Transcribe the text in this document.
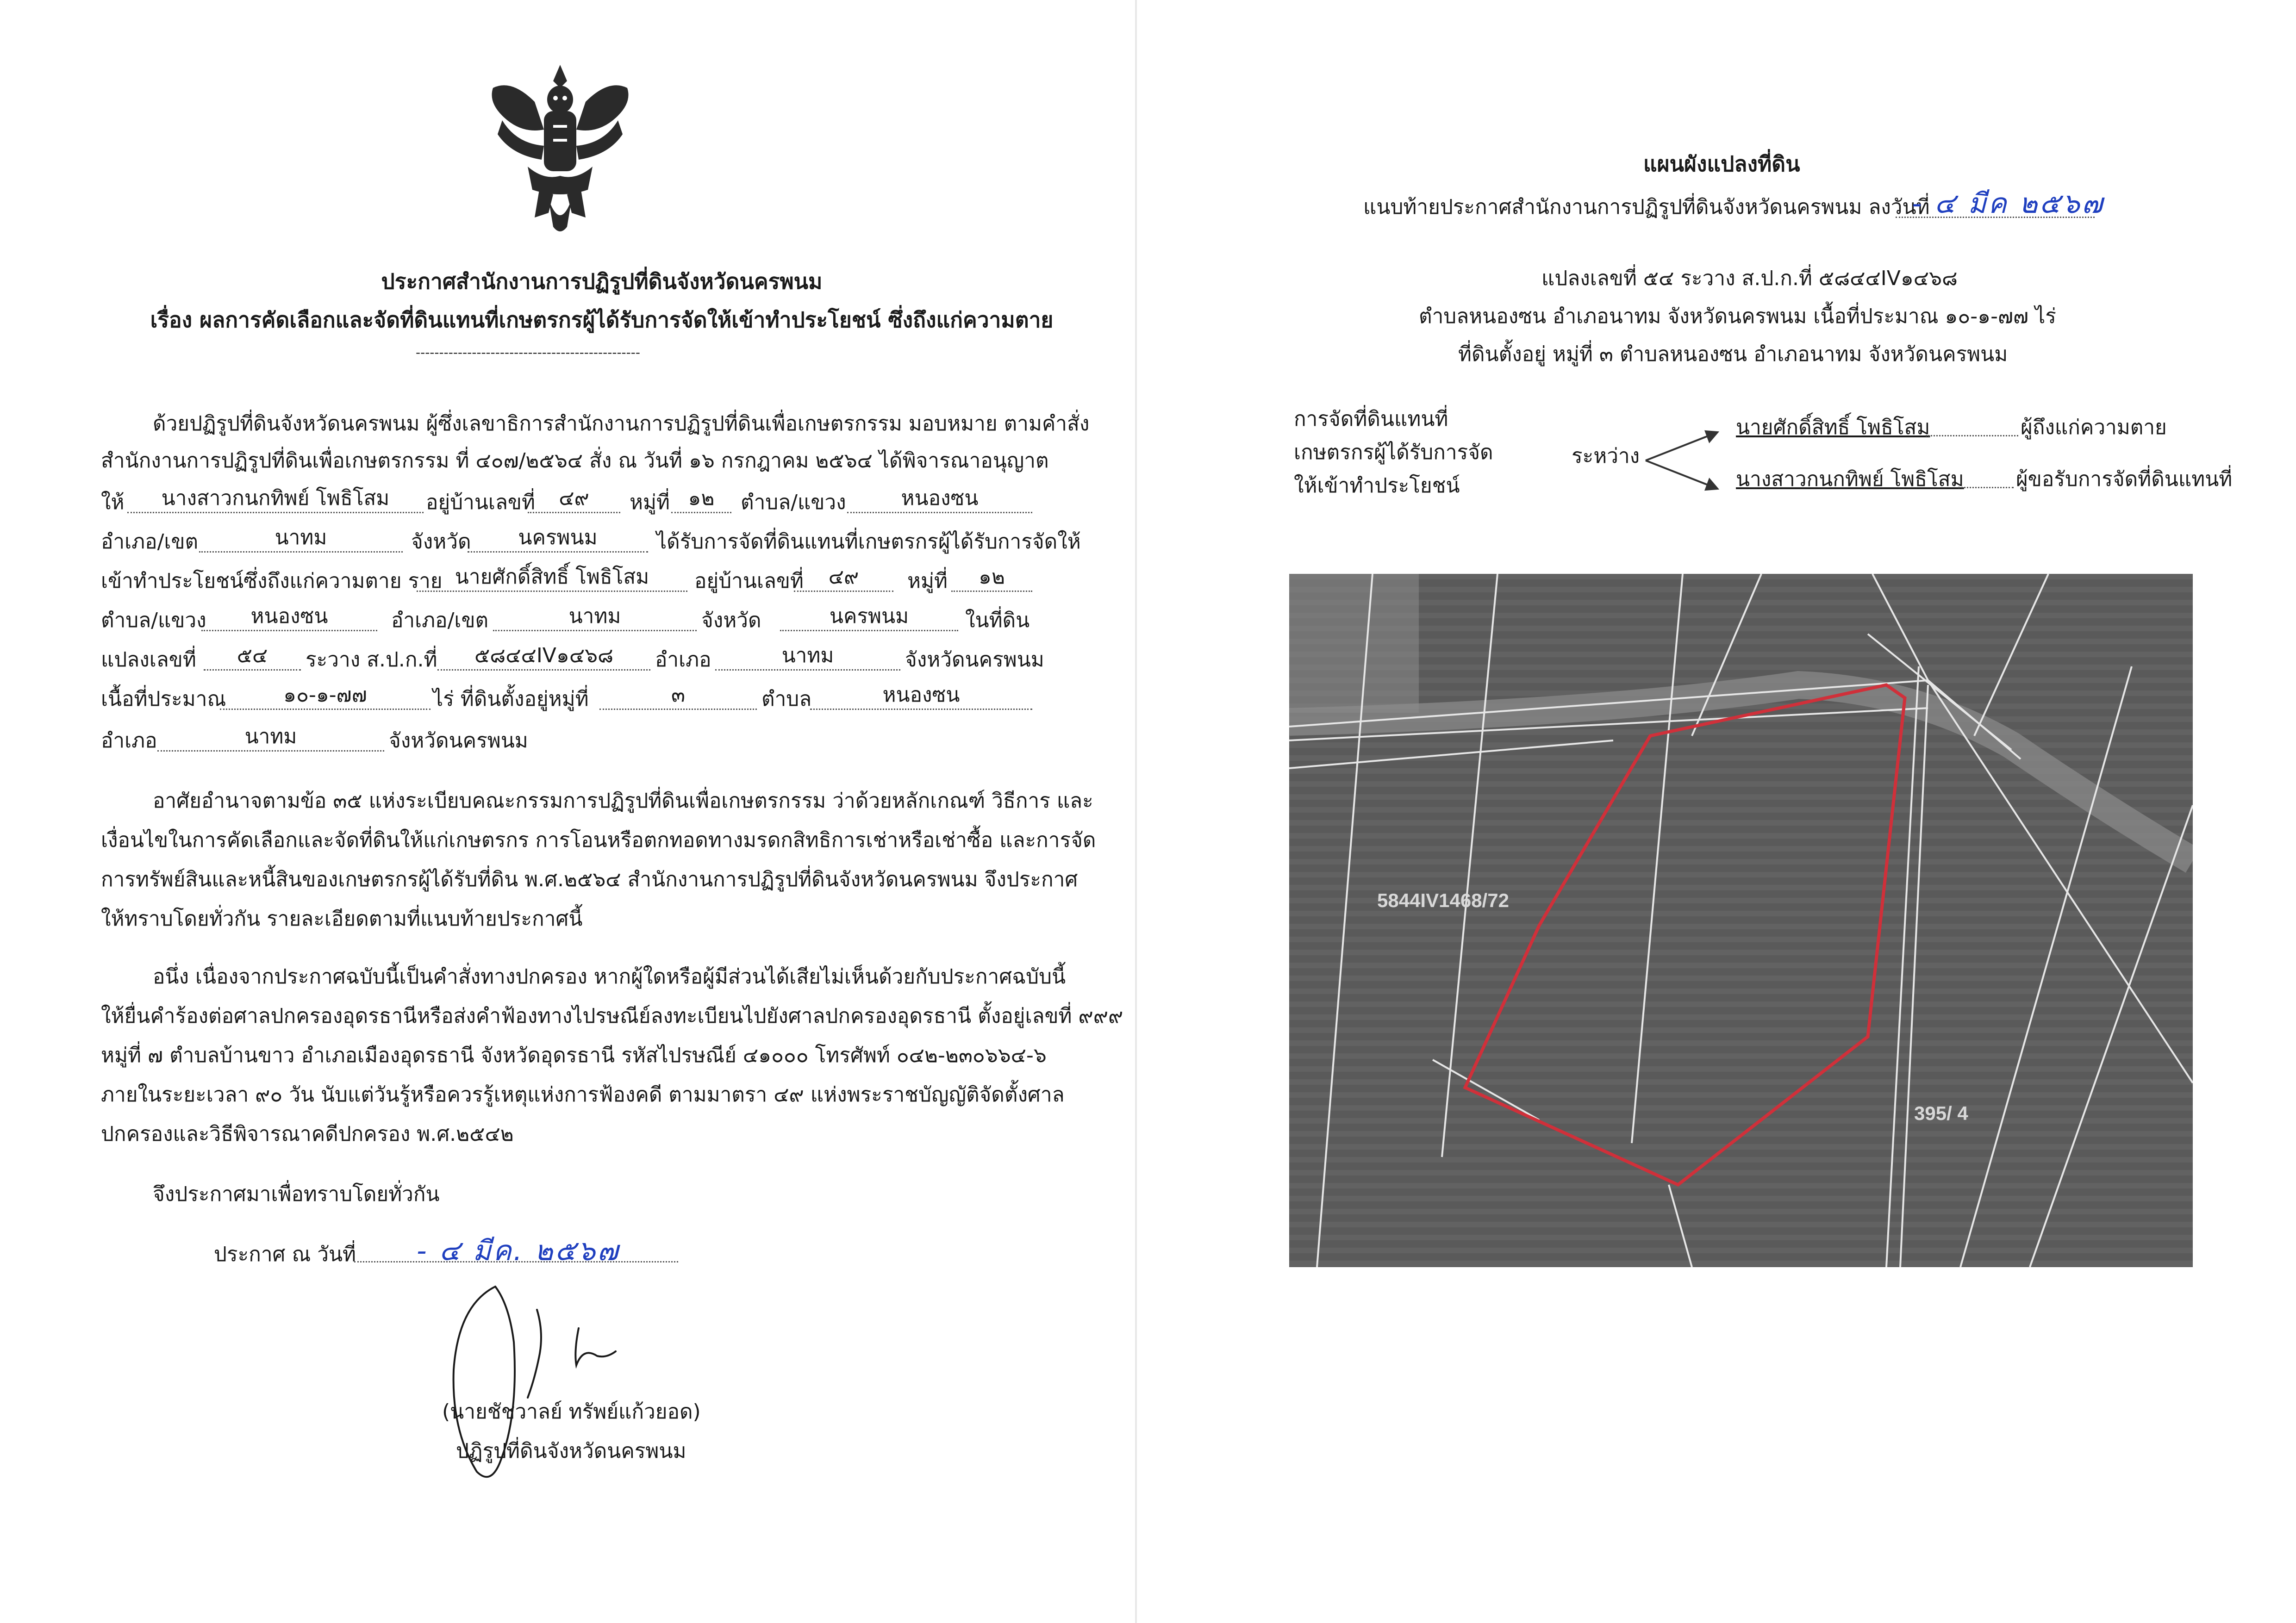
ประกาศสำนักงานการปฏิรูปที่ดินจังหวัดนครพนม
เรื่อง ผลการคัดเลือกและจัดที่ดินแทนที่เกษตรกรผู้ได้รับการจัดให้เข้าทำประโยชน์ ซึ่งถึงแก่ความตาย
------------------------------------------------
ด้วยปฏิรูปที่ดินจังหวัดนครพนม ผู้ซึ่งเลขาธิการสำนักงานการปฏิรูปที่ดินเพื่อเกษตรกรรม มอบหมาย ตามคำสั่ง
สำนักงานการปฏิรูปที่ดินเพื่อเกษตรกรรม ที่ ๔๐๗/๒๕๖๔ สั่ง ณ วันที่ ๑๖ กรกฎาคม ๒๕๖๔ ได้พิจารณาอนุญาต
ให้	นางสาวกนกทิพย์ โพธิโสม	อยู่บ้านเลขที่	๔๙	หมู่ที่ ๑๒	ตำบล/แขวง	หนองซน
อำเภอ/เขต	นาทม	จังหวัด	นครพนม	ได้รับการจัดที่ดินแทนที่เกษตรกรผู้ได้รับการจัดให้
เข้าทำประโยชน์ซึ่งถึงแก่ความตาย ราย นายศักดิ์สิทธิ์ โพธิโสม	อยู่บ้านเลขที่	๔๙	หมู่ที่	๑๒
ตำบล/แขวง	หนองซน	อำเภอ/เขต	นาทม	จังหวัด	นครพนม	ในที่ดิน
แปลงเลขที่	๕๔	ระวาง ส.ป.ก.ที่	๕๘๔๔IV๑๔๖๘	อำเภอ	นาทม	จังหวัดนครพนม
เนื้อที่ประมาณ	๑๐-๑-๗๗	ไร่ ที่ดินตั้งอยู่หมู่ที่	๓	ตำบล	หนองซน
อำเภอ	นาทม	จังหวัดนครพนม
อาศัยอำนาจตามข้อ ๓๕ แห่งระเบียบคณะกรรมการปฏิรูปที่ดินเพื่อเกษตรกรรม ว่าด้วยหลักเกณฑ์ วิธีการ และ
เงื่อนไขในการคัดเลือกและจัดที่ดินให้แก่เกษตรกร การโอนหรือตกทอดทางมรดกสิทธิการเช่าหรือเช่าซื้อ และการจัด
การทรัพย์สินและหนี้สินของเกษตรกรผู้ได้รับที่ดิน พ.ศ.๒๕๖๔ สำนักงานการปฏิรูปที่ดินจังหวัดนครพนม จึงประกาศ
ให้ทราบโดยทั่วกัน รายละเอียดตามที่แนบท้ายประกาศนี้
อนึ่ง เนื่องจากประกาศฉบับนี้เป็นคำสั่งทางปกครอง หากผู้ใดหรือผู้มีส่วนได้เสียไม่เห็นด้วยกับประกาศฉบับนี้
ให้ยื่นคำร้องต่อศาลปกครองอุดรธานีหรือส่งคำฟ้องทางไปรษณีย์ลงทะเบียนไปยังศาลปกครองอุดรธานี ตั้งอยู่เลขที่ ๙๙๙
หมู่ที่ ๗ ตำบลบ้านขาว อำเภอเมืองอุดรธานี จังหวัดอุดรธานี รหัสไปรษณีย์ ๔๑๐๐๐ โทรศัพท์ ๐๔๒-๒๓๐๖๖๔-๖
ภายในระยะเวลา ๙๐ วัน นับแต่วันรู้หรือควรรู้เหตุแห่งการฟ้องคดี ตามมาตรา ๔๙ แห่งพระราชบัญญัติจัดตั้งศาล
ปกครองและวิธีพิจารณาคดีปกครอง พ.ศ.๒๕๔๒
จึงประกาศมาเพื่อทราบโดยทั่วกัน
ประกาศ ณ วันที่ - ๔ มีค. ๒๕๖๗
(นายชัชวาลย์ ทรัพย์แก้วยอด)
ปฏิรูปที่ดินจังหวัดนครพนม
แผนผังแปลงที่ดิน
แนบท้ายประกาศสำนักงานการปฏิรูปที่ดินจังหวัดนครพนม ลงวันที่
- ๔ มีค ๒๕๖๗
แปลงเลขที่ ๕๔ ระวาง ส.ป.ก.ที่ ๕๘๔๔IV๑๔๖๘
ตำบลหนองซน อำเภอนาทม จังหวัดนครพนม เนื้อที่ประมาณ ๑๐-๑-๗๗ ไร่
ที่ดินตั้งอยู่ หมู่ที่ ๓ ตำบลหนองซน อำเภอนาทม จังหวัดนครพนม
การจัดที่ดินแทนที่
เกษตรกรผู้ได้รับการจัด
ให้เข้าทำประโยชน์
ระหว่าง
นายศักดิ์สิทธิ์ โพธิโสม	ผู้ถึงแก่ความตาย
นางสาวกนกทิพย์ โพธิโสม	ผู้ขอรับการจัดที่ดินแทนที่
5844IV1468/72
395/ 4
